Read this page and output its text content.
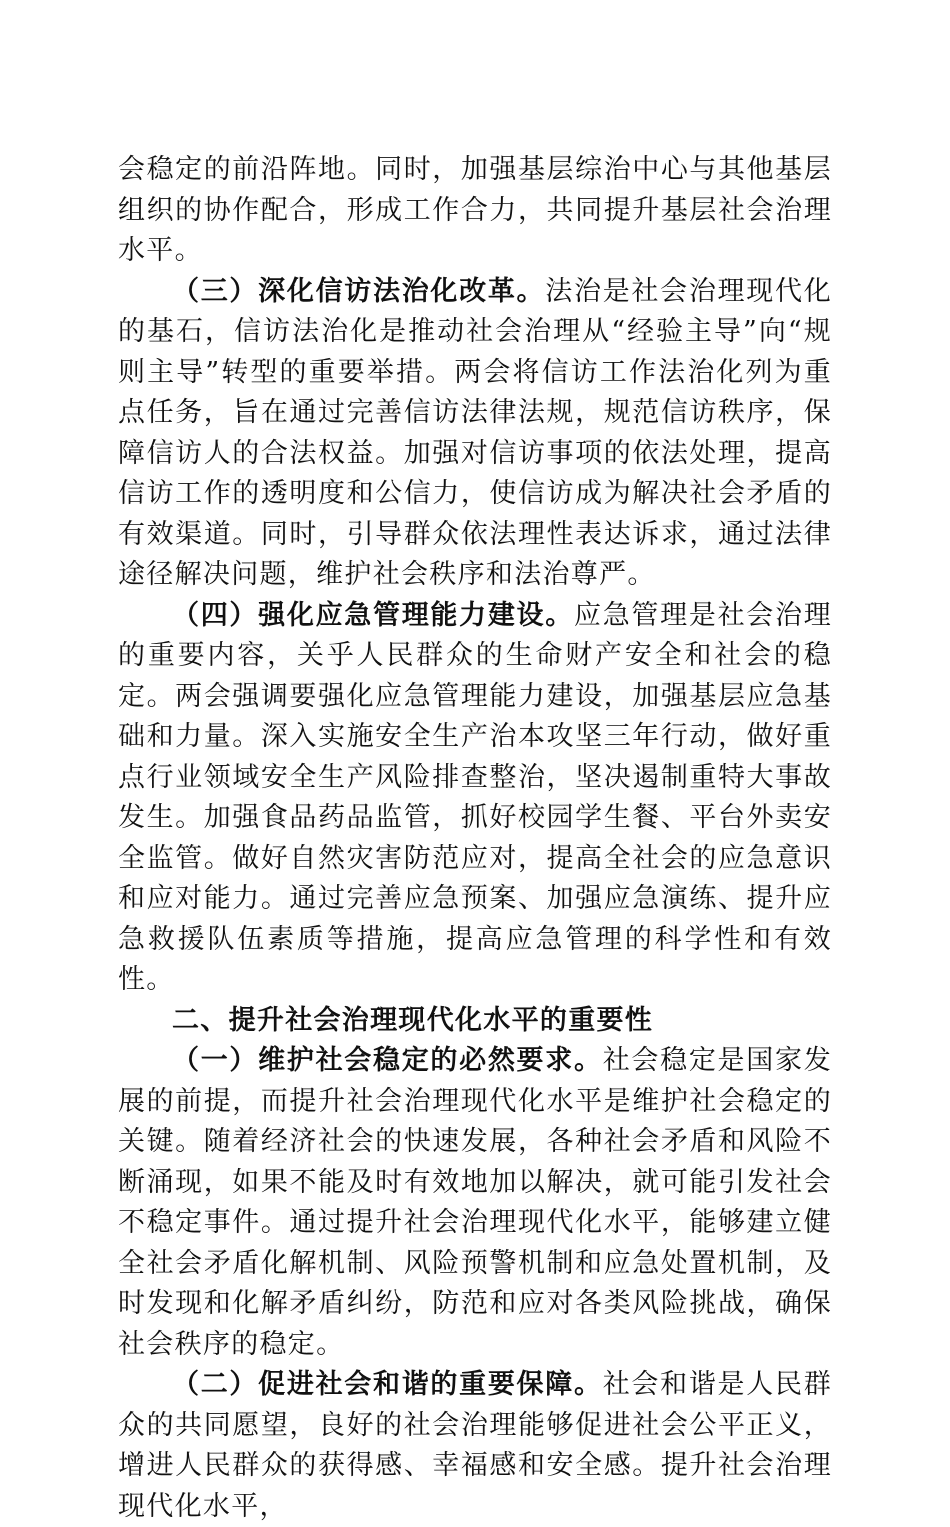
会稳定的前沿阵地。同时，加强基层综治中心与其他基层组织的协作配合，形成工作合力，共同提升基层社会治理水平。

（三）深化信访法治化改革。法治是社会治理现代化的基石，信访法治化是推动社会治理从“经验主导”向“规则主导”转型的重要举措。两会将信访工作法治化列为重点任务，旨在通过完善信访法律法规，规范信访秩序，保障信访人的合法权益。加强对信访事项的依法处理，提高信访工作的透明度和公信力，使信访成为解决社会矛盾的有效渠道。同时，引导群众依法理性表达诉求，通过法律途径解决问题，维护社会秩序和法治尊严。

（四）强化应急管理能力建设。应急管理是社会治理的重要内容，关乎人民群众的生命财产安全和社会的稳定。两会强调要强化应急管理能力建设，加强基层应急基础和力量。深入实施安全生产治本攻坚三年行动，做好重点行业领域安全生产风险排查整治，坚决遏制重特大事故发生。加强食品药品监管，抓好校园学生餐、平台外卖安全监管。做好自然灾害防范应对，提高全社会的应急意识和应对能力。通过完善应急预案、加强应急演练、提升应急救援队伍素质等措施，提高应急管理的科学性和有效性。

二、提升社会治理现代化水平的重要性

（一）维护社会稳定的必然要求。社会稳定是国家发展的前提，而提升社会治理现代化水平是维护社会稳定的关键。随着经济社会的快速发展，各种社会矛盾和风险不断涌现，如果不能及时有效地加以解决，就可能引发社会不稳定事件。通过提升社会治理现代化水平，能够建立健全社会矛盾化解机制、风险预警机制和应急处置机制，及时发现和化解矛盾纠纷，防范和应对各类风险挑战，确保社会秩序的稳定。

（二）促进社会和谐的重要保障。社会和谐是人民群众的共同愿望，良好的社会治理能够促进社会公平正义，增进人民群众的获得感、幸福感和安全感。提升社会治理现代化水平，
